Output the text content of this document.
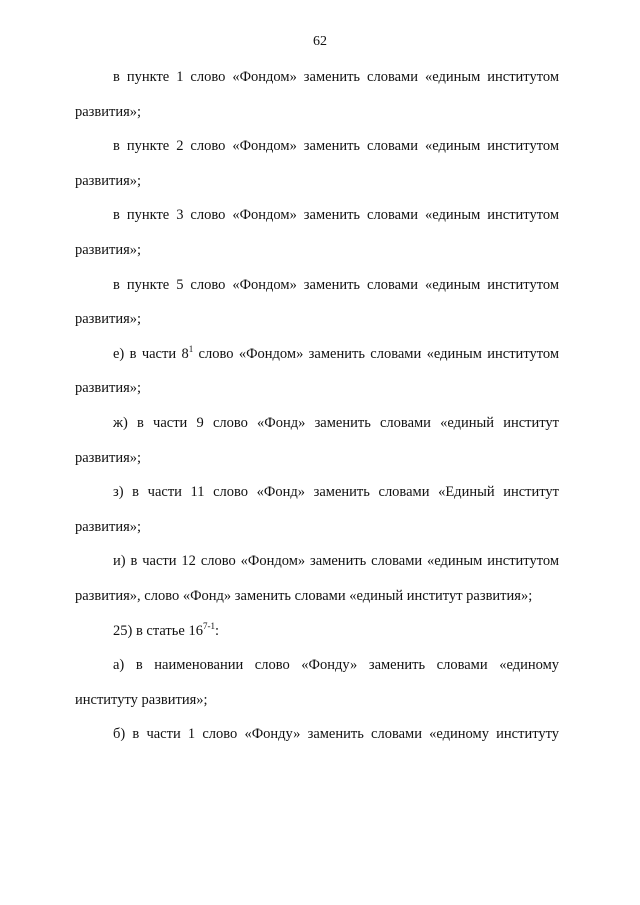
62

в пункте 1 слово «Фондом» заменить словами «единым институтом развития»;

в пункте 2 слово «Фондом» заменить словами «единым институтом развития»;

в пункте 3 слово «Фондом» заменить словами «единым институтом развития»;

в пункте 5 слово «Фондом» заменить словами «единым институтом развития»;

е) в части $8^1$ слово «Фондом» заменить словами «единым институтом развития»;

ж) в части 9 слово «Фонд» заменить словами «единый институт развития»;

з) в части 11 слово «Фонд» заменить словами «Единый институт развития»;

и) в части 12 слово «Фондом» заменить словами «единым институтом развития», слово «Фонд» заменить словами «единый институт развития»;

25) в статье 16$^{7-1}$:

а) в наименовании слово «Фонду» заменить словами «единому институту развития»;

б) в части 1 слово «Фонду» заменить словами «единому институту
